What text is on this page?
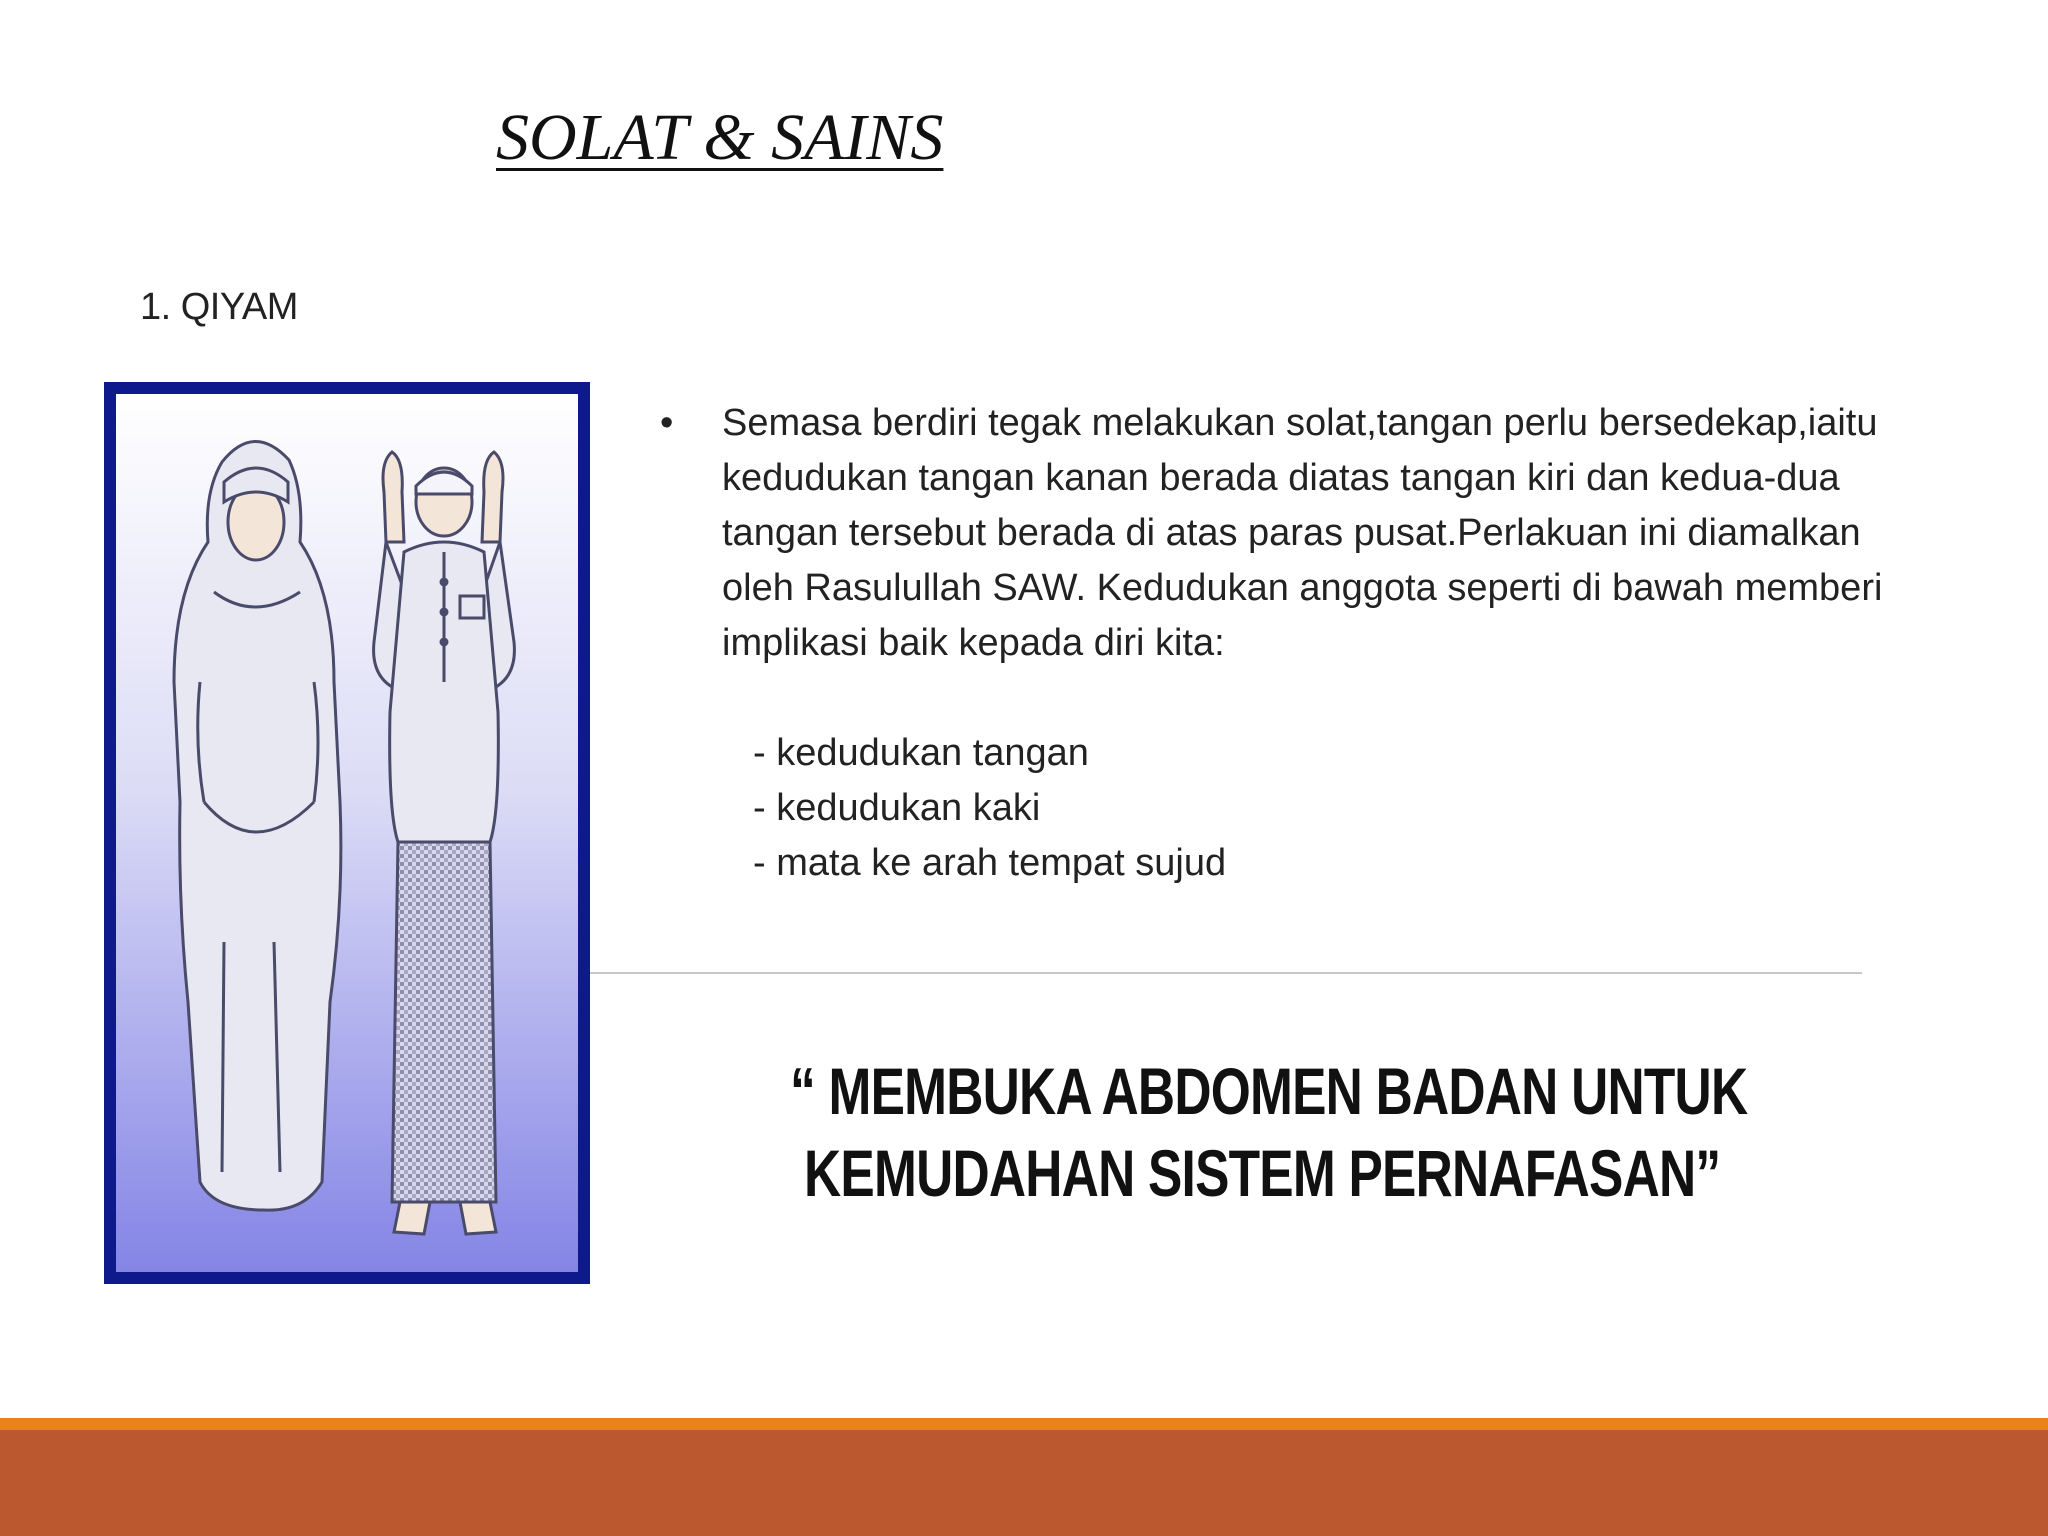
SOLAT & SAINS
1. QIYAM
•	Semasa berdiri tegak melakukan solat,tangan perlu bersedekap,iaitu kedudukan tangan kanan berada diatas tangan kiri dan kedua-dua tangan tersebut berada di atas paras pusat.Perlakuan ini diamalkan oleh Rasulullah SAW. Kedudukan anggota seperti di bawah memberi implikasi baik kepada diri kita:
- kedudukan tangan
- kedudukan kaki
- mata ke arah tempat sujud
“ MEMBUKA ABDOMEN BADAN UNTUK
KEMUDAHAN SISTEM PERNAFASAN”
